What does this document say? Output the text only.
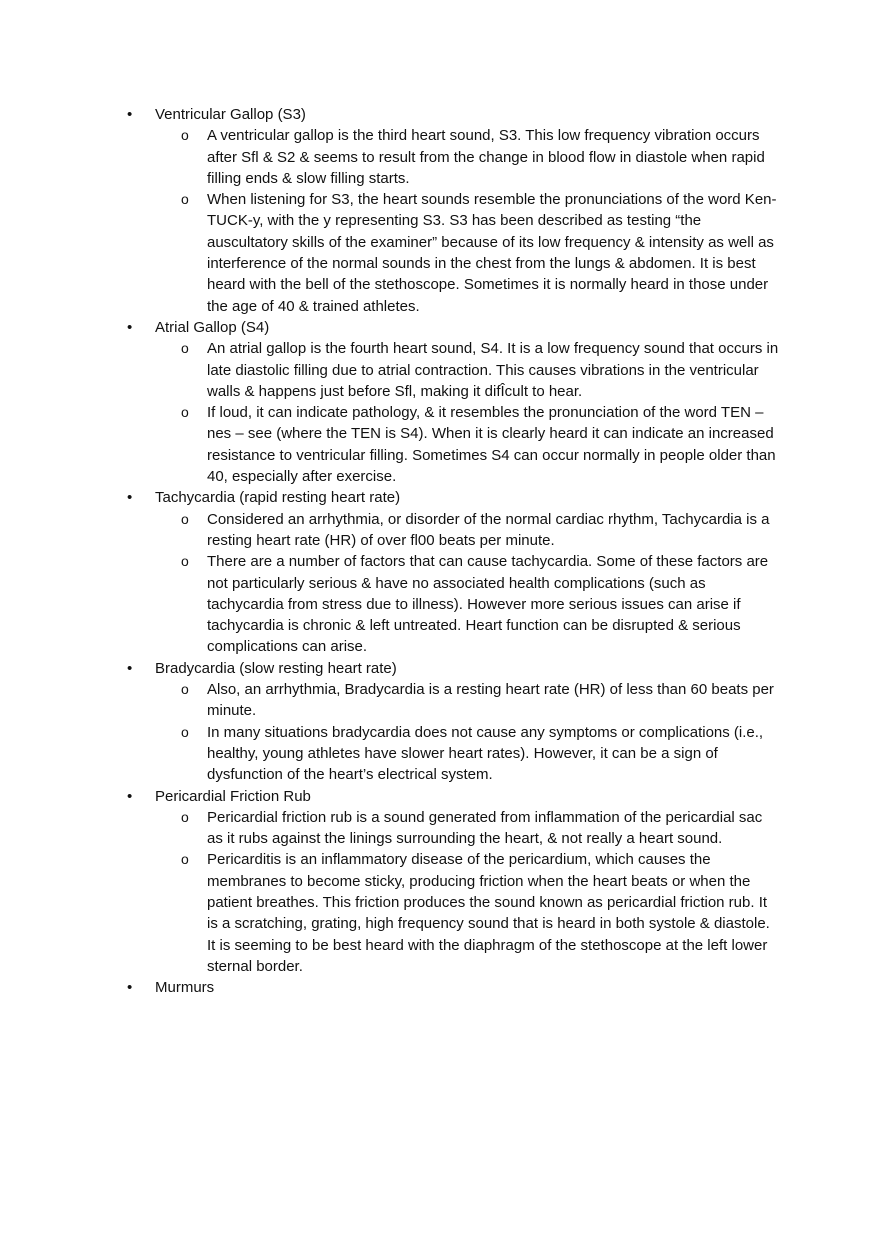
• Ventricular Gallop (S3)
o A ventricular gallop is the third heart sound, S3. This low frequency vibration occurs after Sﬂ & S2 & seems to result from the change in blood flow in diastole when rapid filling ends & slow filling starts.
o When listening for S3, the heart sounds resemble the pronunciations of the word Ken-TUCK-y, with the y representing S3. S3 has been described as testing “the auscultatory skills of the examiner” because of its low frequency & intensity as well as interference of the normal sounds in the chest from the lungs & abdomen. It is best heard with the bell of the stethoscope. Sometimes it is normally heard in those under the age of 40 & trained athletes.
• Atrial Gallop (S4)
o An atrial gallop is the fourth heart sound, S4. It is a low frequency sound that occurs in late diastolic filling due to atrial contraction. This causes vibrations in the ventricular walls & happens just before Sﬂ, making it difÎcult to hear.
o If loud, it can indicate pathology, & it resembles the pronunciation of the word TEN – nes – see (where the TEN is S4). When it is clearly heard it can indicate an increased resistance to ventricular filling. Sometimes S4 can occur normally in people older than 40, especially after exercise.
• Tachycardia (rapid resting heart rate)
o Considered an arrhythmia, or disorder of the normal cardiac rhythm, Tachycardia is a resting heart rate (HR) of over ﬂ00 beats per minute.
o There are a number of factors that can cause tachycardia. Some of these factors are not particularly serious & have no associated health complications (such as tachycardia from stress due to illness). However more serious issues can arise if tachycardia is chronic & left untreated. Heart function can be disrupted & serious complications can arise.
• Bradycardia (slow resting heart rate)
o Also, an arrhythmia, Bradycardia is a resting heart rate (HR) of less than 60 beats per minute.
o In many situations bradycardia does not cause any symptoms or complications (i.e., healthy, young athletes have slower heart rates). However, it can be a sign of dysfunction of the heart’s electrical system.
• Pericardial Friction Rub
o Pericardial friction rub is a sound generated from inflammation of the pericardial sac as it rubs against the linings surrounding the heart, & not really a heart sound.
o Pericarditis is an inflammatory disease of the pericardium, which causes the membranes to become sticky, producing friction when the heart beats or when the patient breathes. This friction produces the sound known as pericardial friction rub. It is a scratching, grating, high frequency sound that is heard in both systole & diastole. It is seeming to be best heard with the diaphragm of the stethoscope at the left lower sternal border.
• Murmurs
